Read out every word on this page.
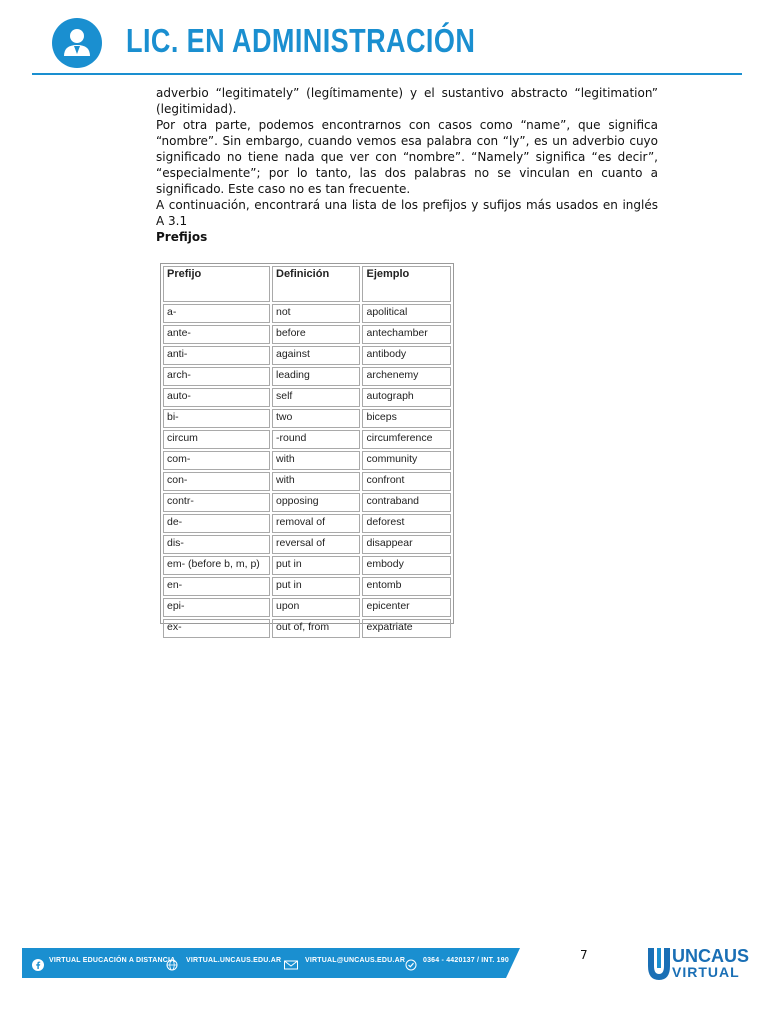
LIC. EN ADMINISTRACIÓN

adverbio “legitimately” (legítimamente) y el sustantivo abstracto “legitimation” (legitimidad).

Por otra parte, podemos encontrarnos con casos como “name”, que significa “nombre”. Sin embargo, cuando vemos esa palabra con “ly”, es un adverbio cuyo significado no tiene nada que ver con “nombre”. “Namely” significa “es decir”, “especialmente”; por lo tanto, las dos palabras no se vinculan en cuanto a significado. Este caso no es tan frecuente.

A continuación, encontrará una lista de los prefijos y sufijos más usados en inglés A 3.1

Prefijos

Prefijo	Definición	Ejemplo
a-	not	apolitical
ante-	before	antechamber
anti-	against	antibody
arch-	leading	archenemy
auto-	self	autograph
bi-	two	biceps
circum	-round	circumference
com-	with	community
con-	with	confront
contr-	opposing	contraband
de-	removal of	deforest
dis-	reversal of	disappear
em- (before b, m, p)	put in	embody
en-	put in	entomb
epi-	upon	epicenter
ex-	out of, from	expatriate
VIRTUAL EDUCACIÓN A DISTANCIA VIRTUAL.UNCAUS.EDU.AR	VIRTUAL@UNCAUS.EDU.AR	0364 - 4420137 / INT. 190	7	UNCAUS
VIRTUAL
